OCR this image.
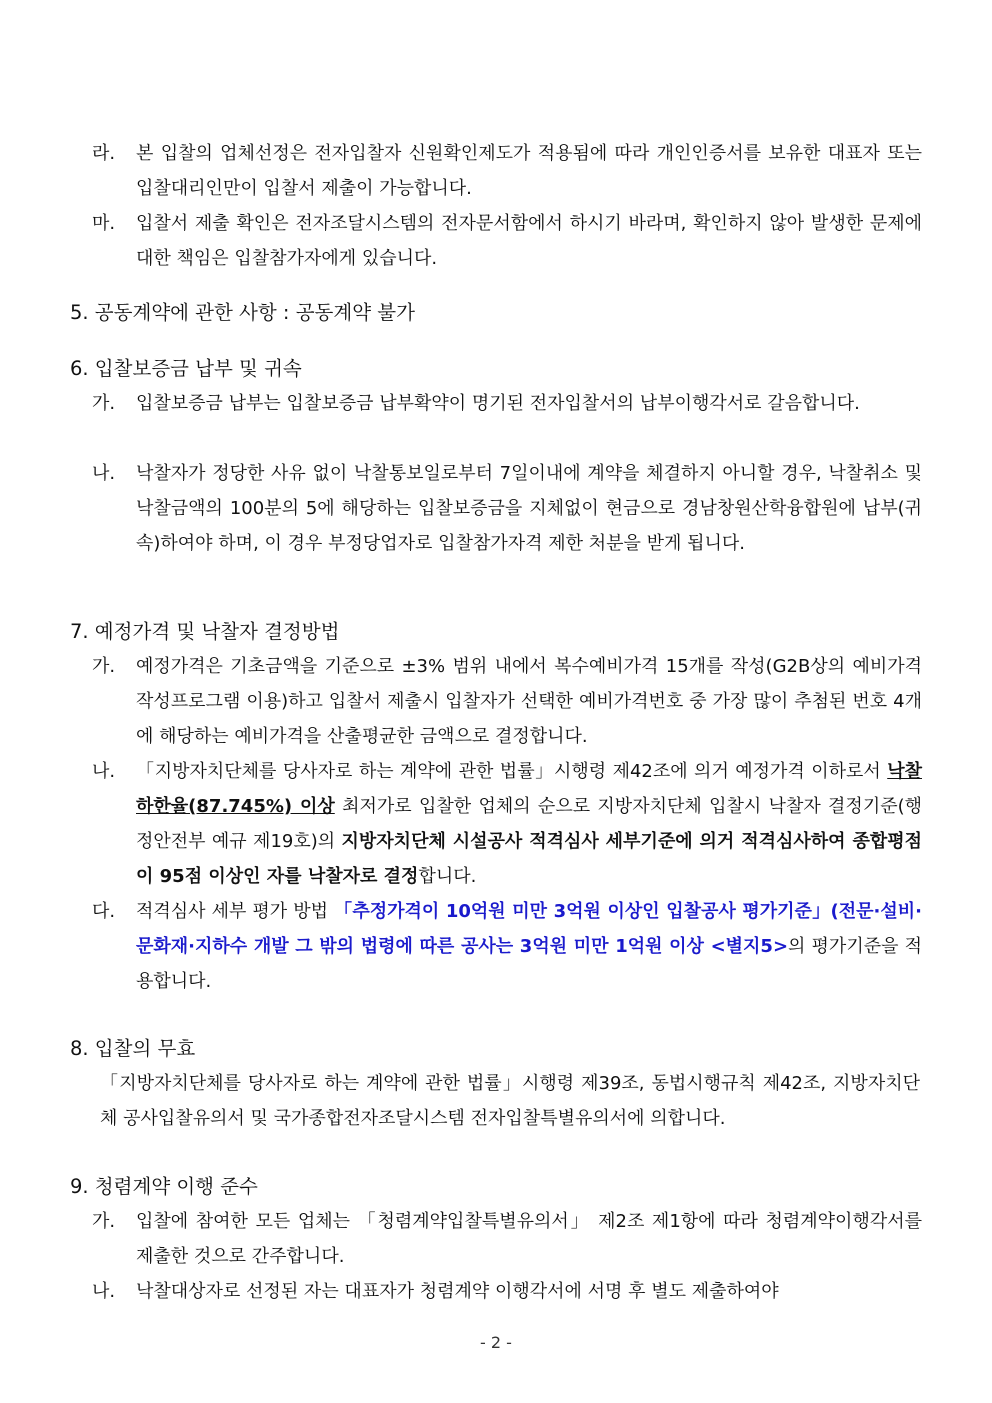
라. 본 입찰의 업체선정은 전자입찰자 신원확인제도가 적용됨에 따라 개인인증서를 보유한 대표자 또는 입찰대리인만이 입찰서 제출이 가능합니다.
마. 입찰서 제출 확인은 전자조달시스템의 전자문서함에서 하시기 바라며, 확인하지 않아 발생한 문제에 대한 책임은 입찰참가자에게 있습니다.
5. 공동계약에 관한 사항 : 공동계약 불가
6. 입찰보증금 납부 및 귀속
가. 입찰보증금 납부는 입찰보증금 납부확약이 명기된 전자입찰서의 납부이행각서로 갈음합니다.
나. 낙찰자가 정당한 사유 없이 낙찰통보일로부터 7일이내에 계약을 체결하지 아니할 경우, 낙찰취소 및 낙찰금액의 100분의 5에 해당하는 입찰보증금을 지체없이 현금으로 경남창원산학융합원에 납부(귀속)하여야 하며, 이 경우 부정당업자로 입찰참가자격 제한 처분을 받게 됩니다.
7. 예정가격 및 낙찰자 결정방법
가. 예정가격은 기초금액을 기준으로 ±3% 범위 내에서 복수예비가격 15개를 작성(G2B상의 예비가격작성프로그램 이용)하고 입찰서 제출시 입찰자가 선택한 예비가격번호 중 가장 많이 추첨된 번호 4개에 해당하는 예비가격을 산출평균한 금액으로 결정합니다.
나. 「지방자치단체를 당사자로 하는 계약에 관한 법률」시행령 제42조에 의거 예정가격 이하로서 낙찰하한율(87.745%) 이상 최저가로 입찰한 업체의 순으로 지방자치단체 입찰시 낙찰자 결정기준(행정안전부 예규 제19호)의 지방자치단체 시설공사 적격심사 세부기준에 의거 적격심사하여 종합평점이 95점 이상인 자를 낙찰자로 결정합니다.
다. 적격심사 세부 평가 방법 「추정가격이 10억원 미만 3억원 이상인 입찰공사 평가기준」(전문·설비·문화재·지하수 개발 그 밖의 법령에 따른 공사는 3억원 미만 1억원 이상 <별지5>의 평가기준을 적용합니다.
8. 입찰의 무효
「지방자치단체를 당사자로 하는 계약에 관한 법률」시행령 제39조, 동법시행규칙 제42조, 지방자치단체 공사입찰유의서 및 국가종합전자조달시스템 전자입찰특별유의서에 의합니다.
9. 청렴계약 이행 준수
가. 입찰에 참여한 모든 업체는 「청렴계약입찰특별유의서」 제2조 제1항에 따라 청렴계약이행각서를 제출한 것으로 간주합니다.
나. 낙찰대상자로 선정된 자는 대표자가 청렴계약 이행각서에 서명 후 별도 제출하여야
- 2 -
